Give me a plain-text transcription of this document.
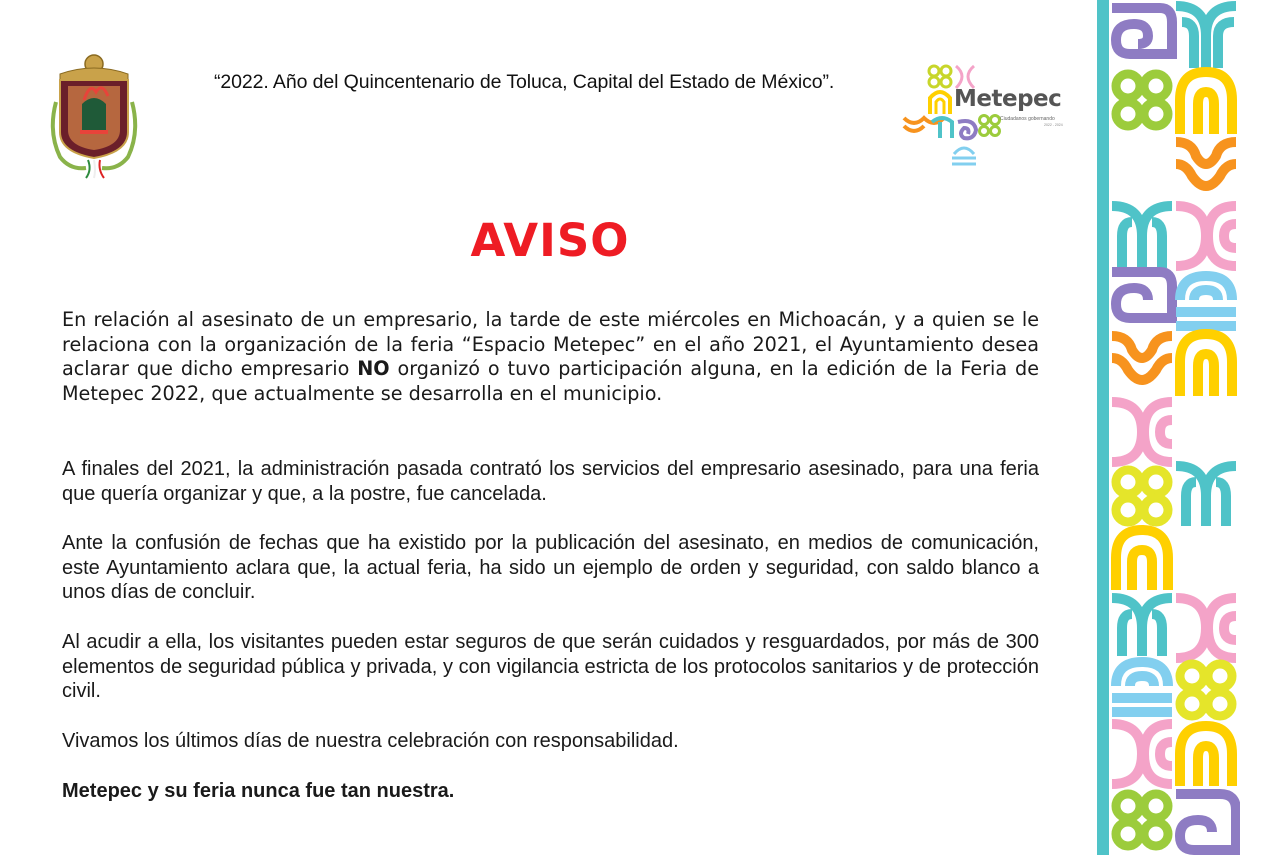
“2022. Año del Quincentenario de Toluca, Capital del Estado de México”.
Metepec
Ciudadanos gobernando
2022 - 2024
AVISO
En relación al asesinato de un empresario, la tarde de este miércoles en Michoacán, y a quien se le relaciona con la organización de la feria “Espacio Metepec” en el año 2021, el Ayuntamiento desea aclarar que dicho empresario NO organizó o tuvo participación alguna, en la edición de la Feria de Metepec 2022, que actualmente se desarrolla en el municipio.
A finales del 2021, la administración pasada contrató los servicios del empresario asesinado, para una feria que quería organizar y que, a la postre, fue cancelada.
Ante la confusión de fechas que ha existido por la publicación del asesinato, en medios de comunicación, este Ayuntamiento aclara que, la actual feria, ha sido un ejemplo de orden y seguridad, con saldo blanco a unos días de concluir.
Al acudir a ella, los visitantes pueden estar seguros de que serán cuidados y resguardados, por más de 300 elementos de seguridad pública y privada, y con vigilancia estricta de los protocolos sanitarios y de protección civil.
Vivamos los últimos días de nuestra celebración con responsabilidad.
Metepec y su feria nunca fue tan nuestra.
